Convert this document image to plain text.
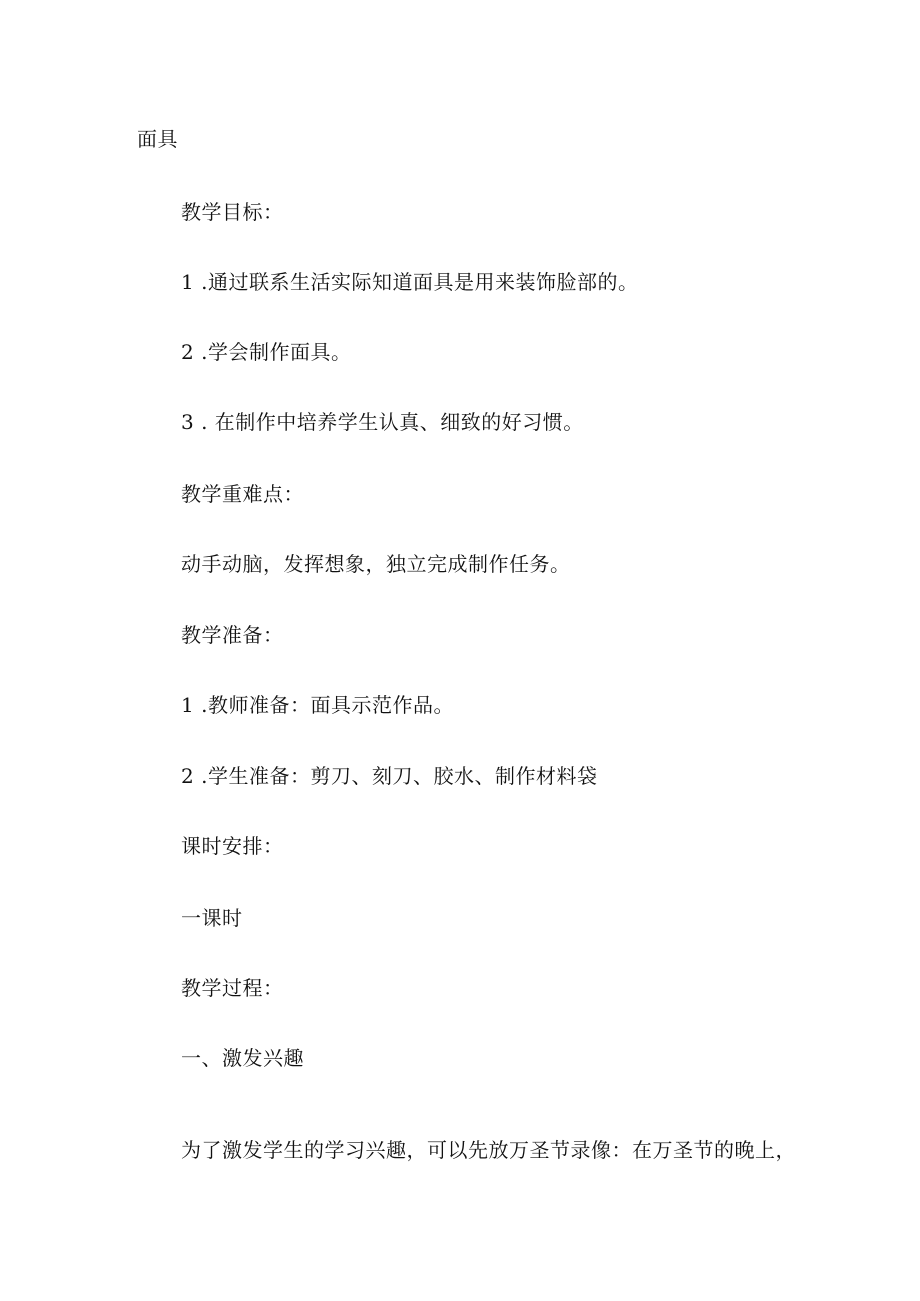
面具
教学目标：
1 .通过联系生活实际知道面具是用来装饰脸部的。
2 .学会制作面具。
3 . 在制作中培养学生认真、细致的好习惯。
教学重难点：
动手动脑，发挥想象，独立完成制作任务。
教学准备：
1 .教师准备：面具示范作品。
2 .学生准备：剪刀、刻刀、胶水、制作材料袋
课时安排：
一课时
教学过程：
一、激发兴趣
为了激发学生的学习兴趣，可以先放万圣节录像：在万圣节的晚上，
